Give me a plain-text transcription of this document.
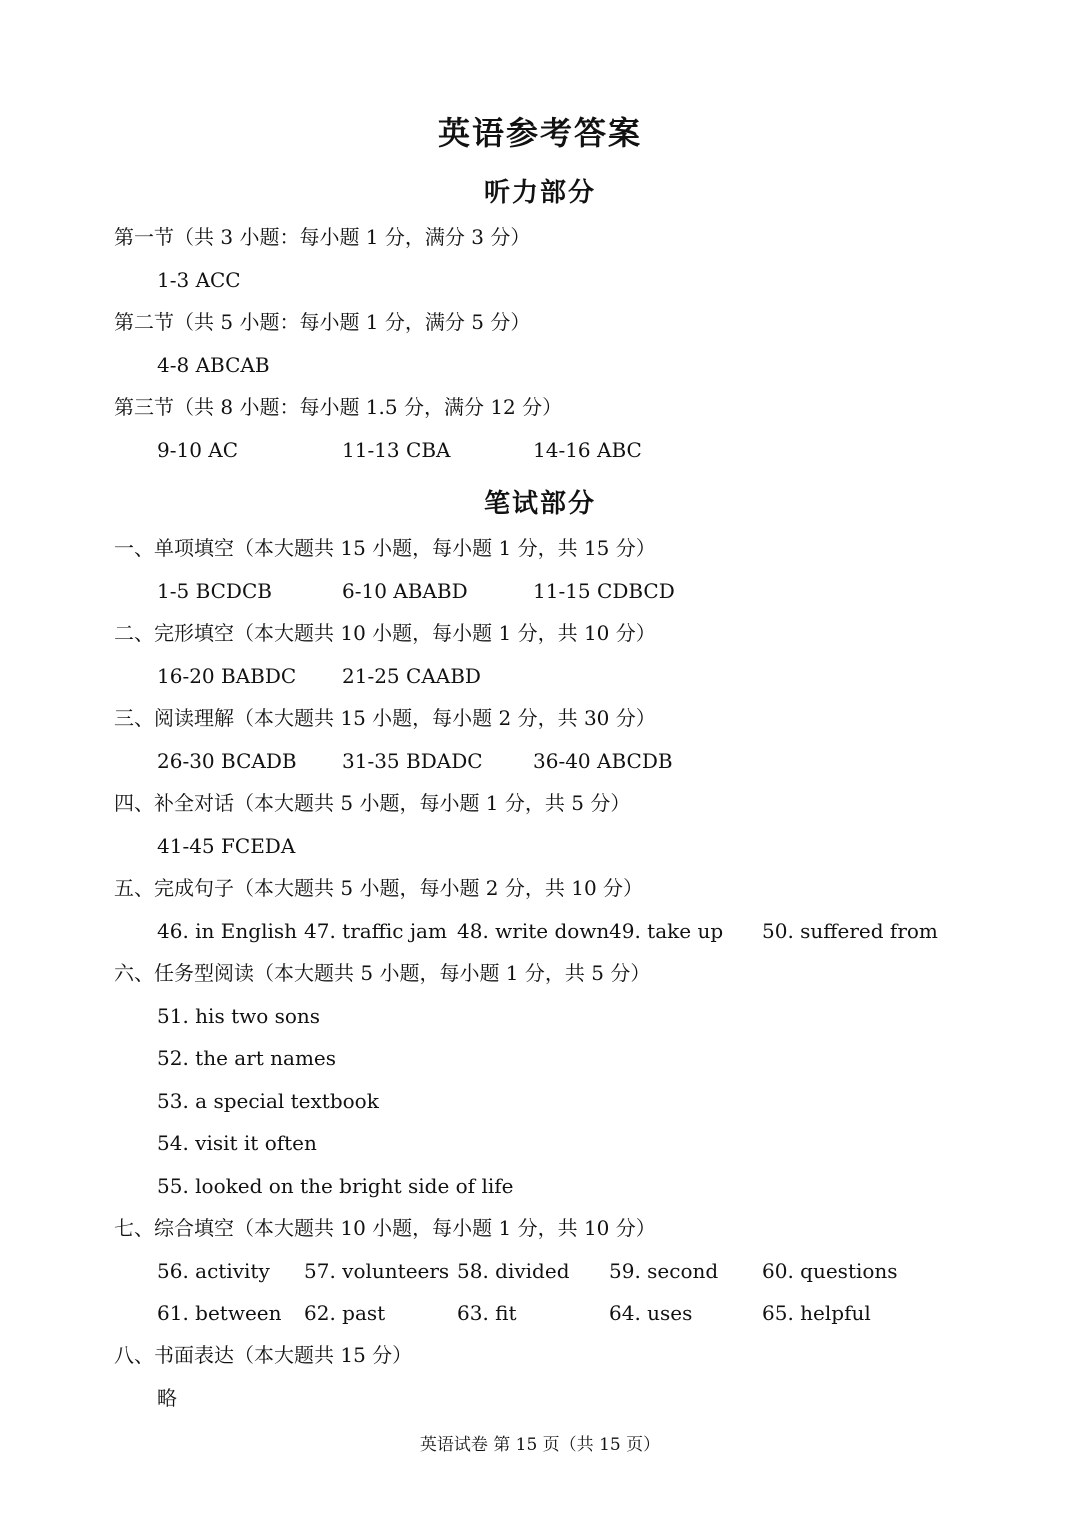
英语参考答案
听力部分
第一节（共 3 小题：每小题 1 分，满分 3 分）
1-3 ACC
第二节（共 5 小题：每小题 1 分，满分 5 分）
4-8 ABCAB
第三节（共 8 小题：每小题 1.5 分，满分 12 分）
9-10 AC	11-13 CBA	14-16 ABC
笔试部分
一、单项填空（本大题共 15 小题，每小题 1 分，共 15 分）
1-5 BCDCB	6-10 ABABD	11-15 CDBCD
二、完形填空（本大题共 10 小题，每小题 1 分，共 10 分）
16-20 BABDC 21-25 CAABD
三、阅读理解（本大题共 15 小题，每小题 2 分，共 30 分）
26-30 BCADB 31-35 BDADC	36-40 ABCDB
四、补全对话（本大题共 5 小题，每小题 1 分，共 5 分）
41-45 FCEDA
五、完成句子（本大题共 5 小题，每小题 2 分，共 10 分）
46. in English 47. traffic jam 48. write down 49. take up 50. suffered from
六、任务型阅读（本大题共 5 小题，每小题 1 分，共 5 分）
51. his two sons
52. the art names
53. a special textbook
54. visit it often
55. looked on the bright side of life
七、综合填空（本大题共 10 小题，每小题 1 分，共 10 分）
56. activity 57. volunteers 58. divided 59. second 60. questions
61. between 62. past	63. fit	64. uses	65. helpful
八、书面表达（本大题共 15 分）
略
英语试卷 第 15 页（共 15 页）
